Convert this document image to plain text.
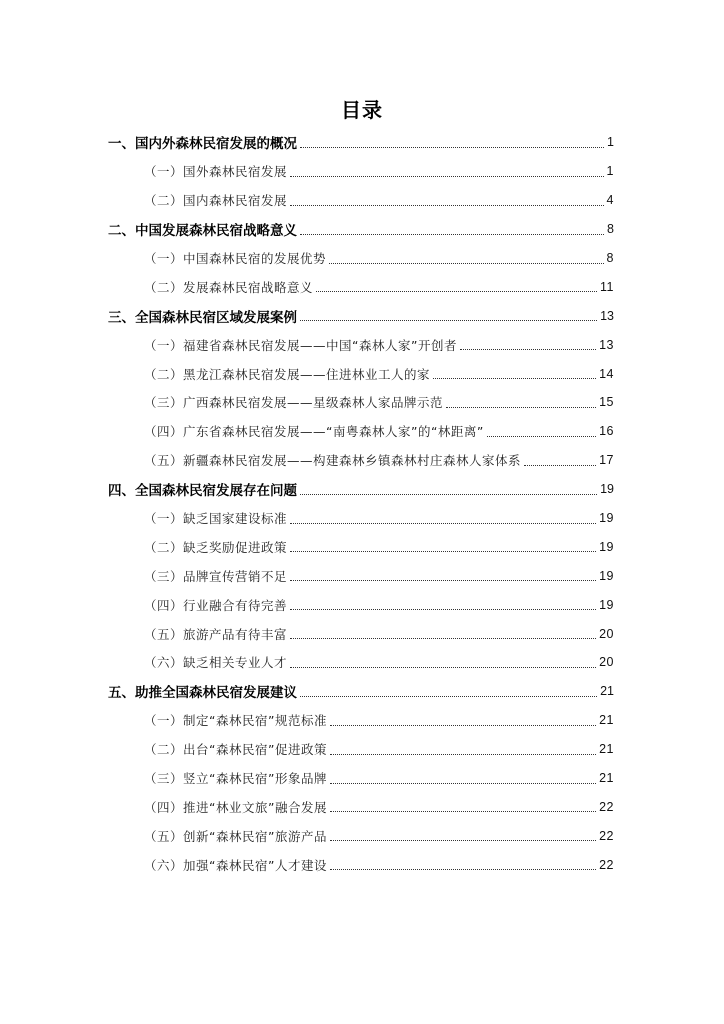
目录
一、国内外森林民宿发展的概况	1
（一）国外森林民宿发展	1
（二）国内森林民宿发展	4
二、中国发展森林民宿战略意义	8
（一）中国森林民宿的发展优势	8
（二）发展森林民宿战略意义	11
三、全国森林民宿区域发展案例	13
（一）福建省森林民宿发展——中国“森林人家”开创者	13
（二）黑龙江森林民宿发展——住进林业工人的家	14
（三）广西森林民宿发展——星级森林人家品牌示范	15
（四）广东省森林民宿发展——“南粤森林人家”的“林距离”	16
（五）新疆森林民宿发展——构建森林乡镇森林村庄森林人家体系	17
四、全国森林民宿发展存在问题	19
（一）缺乏国家建设标准	19
（二）缺乏奖励促进政策	19
（三）品牌宣传营销不足	19
（四）行业融合有待完善	19
（五）旅游产品有待丰富	20
（六）缺乏相关专业人才	20
五、助推全国森林民宿发展建议	21
（一）制定“森林民宿”规范标准	21
（二）出台“森林民宿”促进政策	21
（三）竖立“森林民宿”形象品牌	21
（四）推进“林业文旅”融合发展	22
（五）创新“森林民宿”旅游产品	22
（六）加强“森林民宿”人才建设	22
